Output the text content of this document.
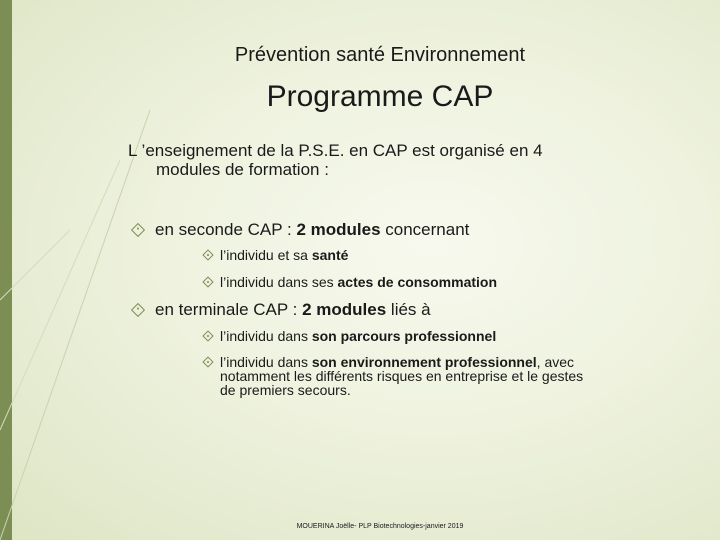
Prévention santé Environnement
Programme CAP
L ’enseignement de la P.S.E. en CAP est organisé en 4
modules de formation :
en seconde CAP : 2 modules concernant
l’individu et sa santé
l’individu dans ses actes de consommation
en terminale CAP : 2 modules liés à
l’individu dans son parcours professionnel
l’individu dans son environnement professionnel, avec
notamment les différents risques en entreprise et le gestes
de premiers secours.
MOUERINA Joëlle- PLP Biotechnologies-janvier 2019
